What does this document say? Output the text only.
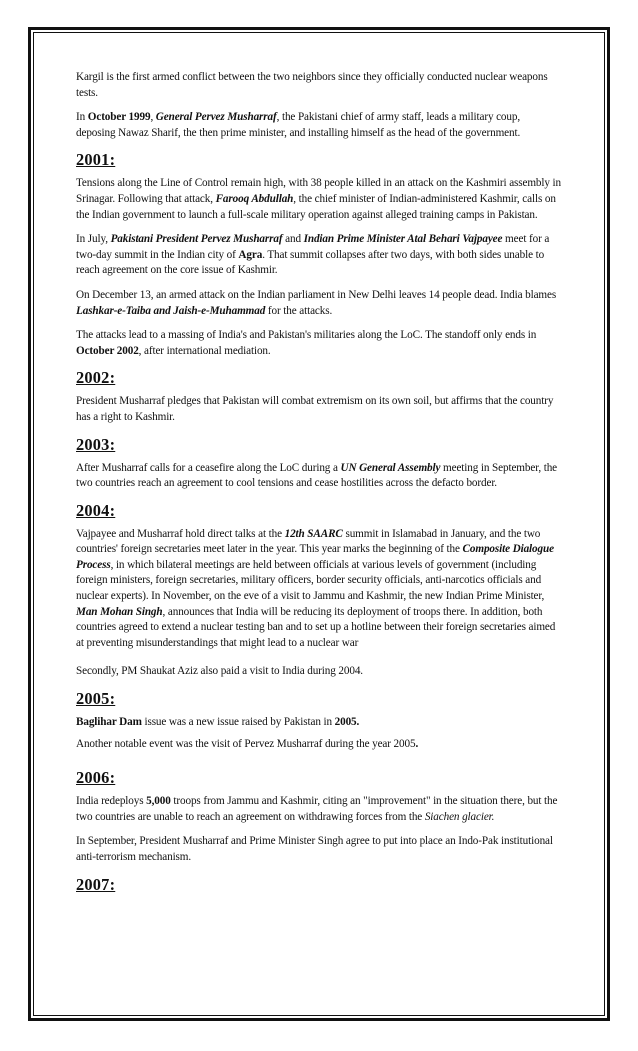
Kargil is the first armed conflict between the two neighbors since they officially conducted nuclear weapons tests.

In October 1999, General Pervez Musharraf, the Pakistani chief of army staff, leads a military coup, deposing Nawaz Sharif, the then prime minister, and installing himself as the head of the government.

2001:

Tensions along the Line of Control remain high, with 38 people killed in an attack on the Kashmiri assembly in Srinagar. Following that attack, Farooq Abdullah, the chief minister of Indian-administered Kashmir, calls on the Indian government to launch a full-scale military operation against alleged training camps in Pakistan.

In July, Pakistani President Pervez Musharraf and Indian Prime Minister Atal Behari Vajpayee meet for a two-day summit in the Indian city of Agra. That summit collapses after two days, with both sides unable to reach agreement on the core issue of Kashmir.

On December 13, an armed attack on the Indian parliament in New Delhi leaves 14 people dead. India blames Lashkar-e-Taiba and Jaish-e-Muhammad for the attacks.

The attacks lead to a massing of India's and Pakistan's militaries along the LoC. The standoff only ends in October 2002, after international mediation.

2002:

President Musharraf pledges that Pakistan will combat extremism on its own soil, but affirms that the country has a right to Kashmir.

2003:

After Musharraf calls for a ceasefire along the LoC during a UN General Assembly meeting in September, the two countries reach an agreement to cool tensions and cease hostilities across the defacto border.

2004:

Vajpayee and Musharraf hold direct talks at the 12th SAARC summit in Islamabad in January, and the two countries' foreign secretaries meet later in the year. This year marks the beginning of the Composite Dialogue Process, in which bilateral meetings are held between officials at various levels of government (including foreign ministers, foreign secretaries, military officers, border security officials, anti-narcotics officials and nuclear experts). In November, on the eve of a visit to Jammu and Kashmir, the new Indian Prime Minister, Man Mohan Singh, announces that India will be reducing its deployment of troops there. In addition, both countries agreed to extend a nuclear testing ban and to set up a hotline between their foreign secretaries aimed at preventing misunderstandings that might lead to a nuclear war

Secondly, PM Shaukat Aziz also paid a visit to India during 2004.

2005:

Baglihar Dam issue was a new issue raised by Pakistan in 2005.

Another notable event was the visit of Pervez Musharraf during the year 2005.

2006:

India redeploys 5,000 troops from Jammu and Kashmir, citing an "improvement" in the situation there, but the two countries are unable to reach an agreement on withdrawing forces from the Siachen glacier.

In September, President Musharraf and Prime Minister Singh agree to put into place an Indo-Pak institutional anti-terrorism mechanism.

2007:
